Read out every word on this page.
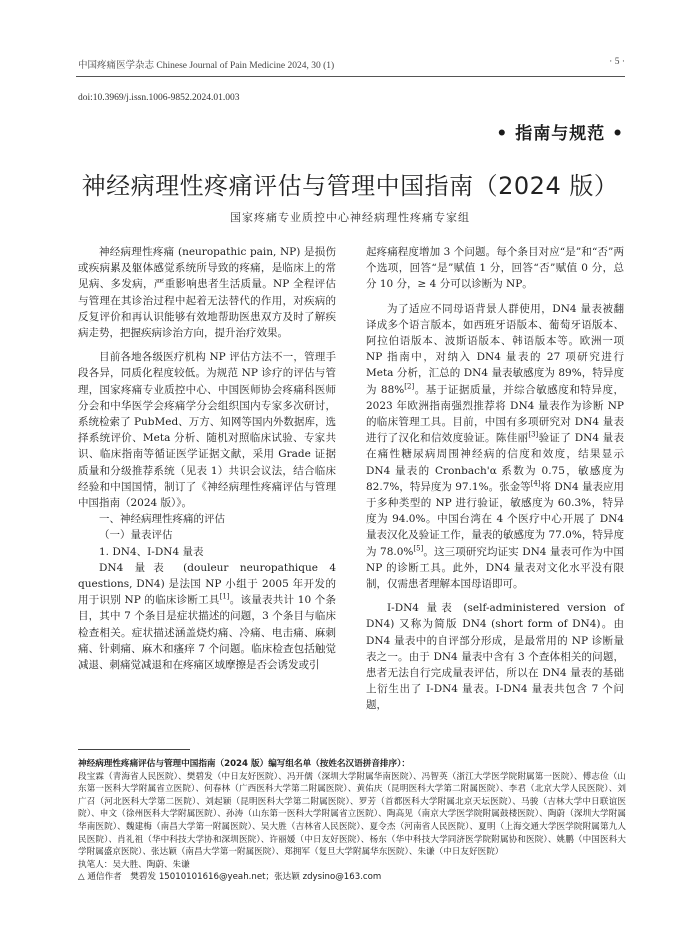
中国疼痛医学杂志 Chinese Journal of Pain Medicine 2024, 30 (1)	· 5 ·
doi:10.3969/j.issn.1006-9852.2024.01.003
• 指南与规范 •
神经病理性疼痛评估与管理中国指南（2024 版）
国家疼痛专业质控中心神经病理性疼痛专家组

神经病理性疼痛 (neuropathic pain, NP) 是损伤或疾病累及躯体感觉系统所导致的疼痛，是临床上的常见病、多发病，严重影响患者生活质量。NP 全程评估与管理在其诊治过程中起着无法替代的作用，对疾病的反复评价和再认识能够有效地帮助医患双方及时了解疾病走势，把握疾病诊治方向，提升治疗效果。

目前各地各级医疗机构 NP 评估方法不一，管理手段各异，同质化程度较低。为规范 NP 诊疗的评估与管理，国家疼痛专业质控中心、中国医师协会疼痛科医师分会和中华医学会疼痛学分会组织国内专家多次研讨，系统检索了 PubMed、万方、知网等国内外数据库，选择系统评价、Meta 分析、随机对照临床试验、专家共识、临床指南等循证医学证据文献，采用 Grade 证据质量和分级推荐系统（见表 1）共识会议法，结合临床经验和中国国情，制订了《神经病理性疼痛评估与管理中国指南（2024 版）》。

一、神经病理性疼痛的评估

（一）量表评估

1. DN4、I-DN4 量表

DN4 量表 (douleur neuropathique 4 questions, DN4) 是法国 NP 小组于 2005 年开发的用于识别 NP 的临床诊断工具[1]。该量表共计 10 个条目，其中 7 个条目是症状描述的问题，3 个条目与临床检查相关。症状描述涵盖烧灼痛、冷痛、电击痛、麻刺痛、针刺痛、麻木和瘙痒 7 个问题。临床检查包括触觉减退、刺痛觉减退和在疼痛区域摩擦是否会诱发或引

起疼痛程度增加 3 个问题。每个条目对应“是”和“否”两个选项，回答“是”赋值 1 分，回答“否”赋值 0 分，总分 10 分，≥ 4 分可以诊断为 NP。

为了适应不同母语背景人群使用，DN4 量表被翻译成多个语言版本，如西班牙语版本、葡萄牙语版本、阿拉伯语版本、波斯语版本、韩语版本等。欧洲一项 NP 指南中，对纳入 DN4 量表的 27 项研究进行 Meta 分析，汇总的 DN4 量表敏感度为 89%，特异度为 88%[2]。基于证据质量，并综合敏感度和特异度，2023 年欧洲指南强烈推荐将 DN4 量表作为诊断 NP 的临床管理工具。目前，中国有多项研究对 DN4 量表进行了汉化和信效度验证。陈佳丽[3]验证了 DN4 量表在痛性糖尿病周围神经病的信度和效度，结果显示 DN4 量表的 Cronbach'α 系数为 0.75，敏感度为 82.7%，特异度为 97.1%。张金等[4]将 DN4 量表应用于多种类型的 NP 进行验证，敏感度为 60.3%，特异度为 94.0%。中国台湾在 4 个医疗中心开展了 DN4 量表汉化及验证工作，量表的敏感度为 77.0%，特异度为 78.0%[5]。这三项研究均证实 DN4 量表可作为中国 NP 的诊断工具。此外，DN4 量表对文化水平没有限制，仅需患者理解本国母语即可。

I-DN4 量表 (self-administered version of DN4) 又称为简版 DN4 (short form of DN4)。由 DN4 量表中的自评部分形成，是最常用的 NP 诊断量表之一。由于 DN4 量表中含有 3 个查体相关的问题，患者无法自行完成量表评估，所以在 DN4 量表的基础上衍生出了 I-DN4 量表。I-DN4 量表共包含 7 个问题，

神经病理性疼痛评估与管理中国指南（2024 版）编写组名单（按姓名汉语拼音排序）：

段宝霖（青海省人民医院）、樊碧发（中日友好医院）、冯开儒（深圳大学附属华南医院）、冯智英（浙江大学医学院附属第一医院）、傅志俭（山东第一医科大学附属省立医院）、何春林（广西医科大学第二附属医院）、黄佑庆（昆明医科大学第二附属医院）、李君（北京大学人民医院）、刘广召（河北医科大学第二医院）、刘起颖（昆明医科大学第二附属医院）、罗芳（首都医科大学附属北京天坛医院）、马骏（吉林大学中日联谊医院）、申文（徐州医科大学附属医院）、孙涛（山东第一医科大学附属省立医院）、陶高见（南京大学医学院附属鼓楼医院）、陶蔚（深圳大学附属华南医院）、魏建梅（南昌大学第一附属医院）、吴大胜（吉林省人民医院）、夏令杰（河南省人民医院）、夏明（上海交通大学医学院附属第九人民医院）、肖礼祖（华中科技大学协和深圳医院）、许丽媛（中日友好医院）、杨东（华中科技大学同济医学院附属协和医院）、姚鹏（中国医科大学附属盛京医院）、张达颖（南昌大学第一附属医院）、郑拥军（复旦大学附属华东医院）、朱谦（中日友好医院）

执笔人：吴大胜、陶蔚、朱谦

△ 通信作者　樊碧发 15010101616@yeah.net；张达颖 zdysino@163.com
